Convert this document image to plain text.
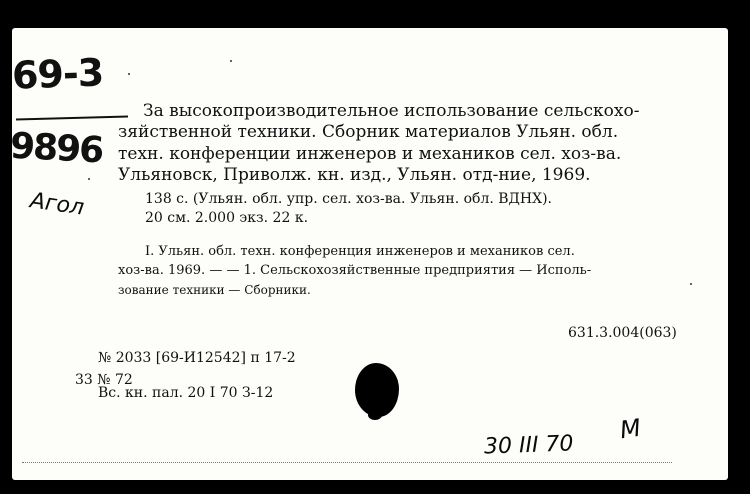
69-3
9896
Агол
За высокопроизводительное использование сельскохо-
зяйственной техники. Сборник материалов Ульян. обл.
техн. конференции инженеров и механиков сел. хоз-ва.
Ульяновск, Приволж. кн. изд., Ульян. отд-ние, 1969.
138 с. (Ульян. обл. упр. сел. хоз-ва. Ульян. обл. ВДНХ).
20 см. 2.000 экз. 22 к.
I. Ульян. обл. техн. конференция инженеров и механиков сел.
хоз-ва. 1969. — — 1. Сельскохозяйственные предприятия — Исполь-
зование техники — Сборники.
631.3.004(063)
№ 2033 [69-И12542] п 17-2
33 № 72
Вс. кн. пал. 20 I 70 З-12
30 III 70
М
